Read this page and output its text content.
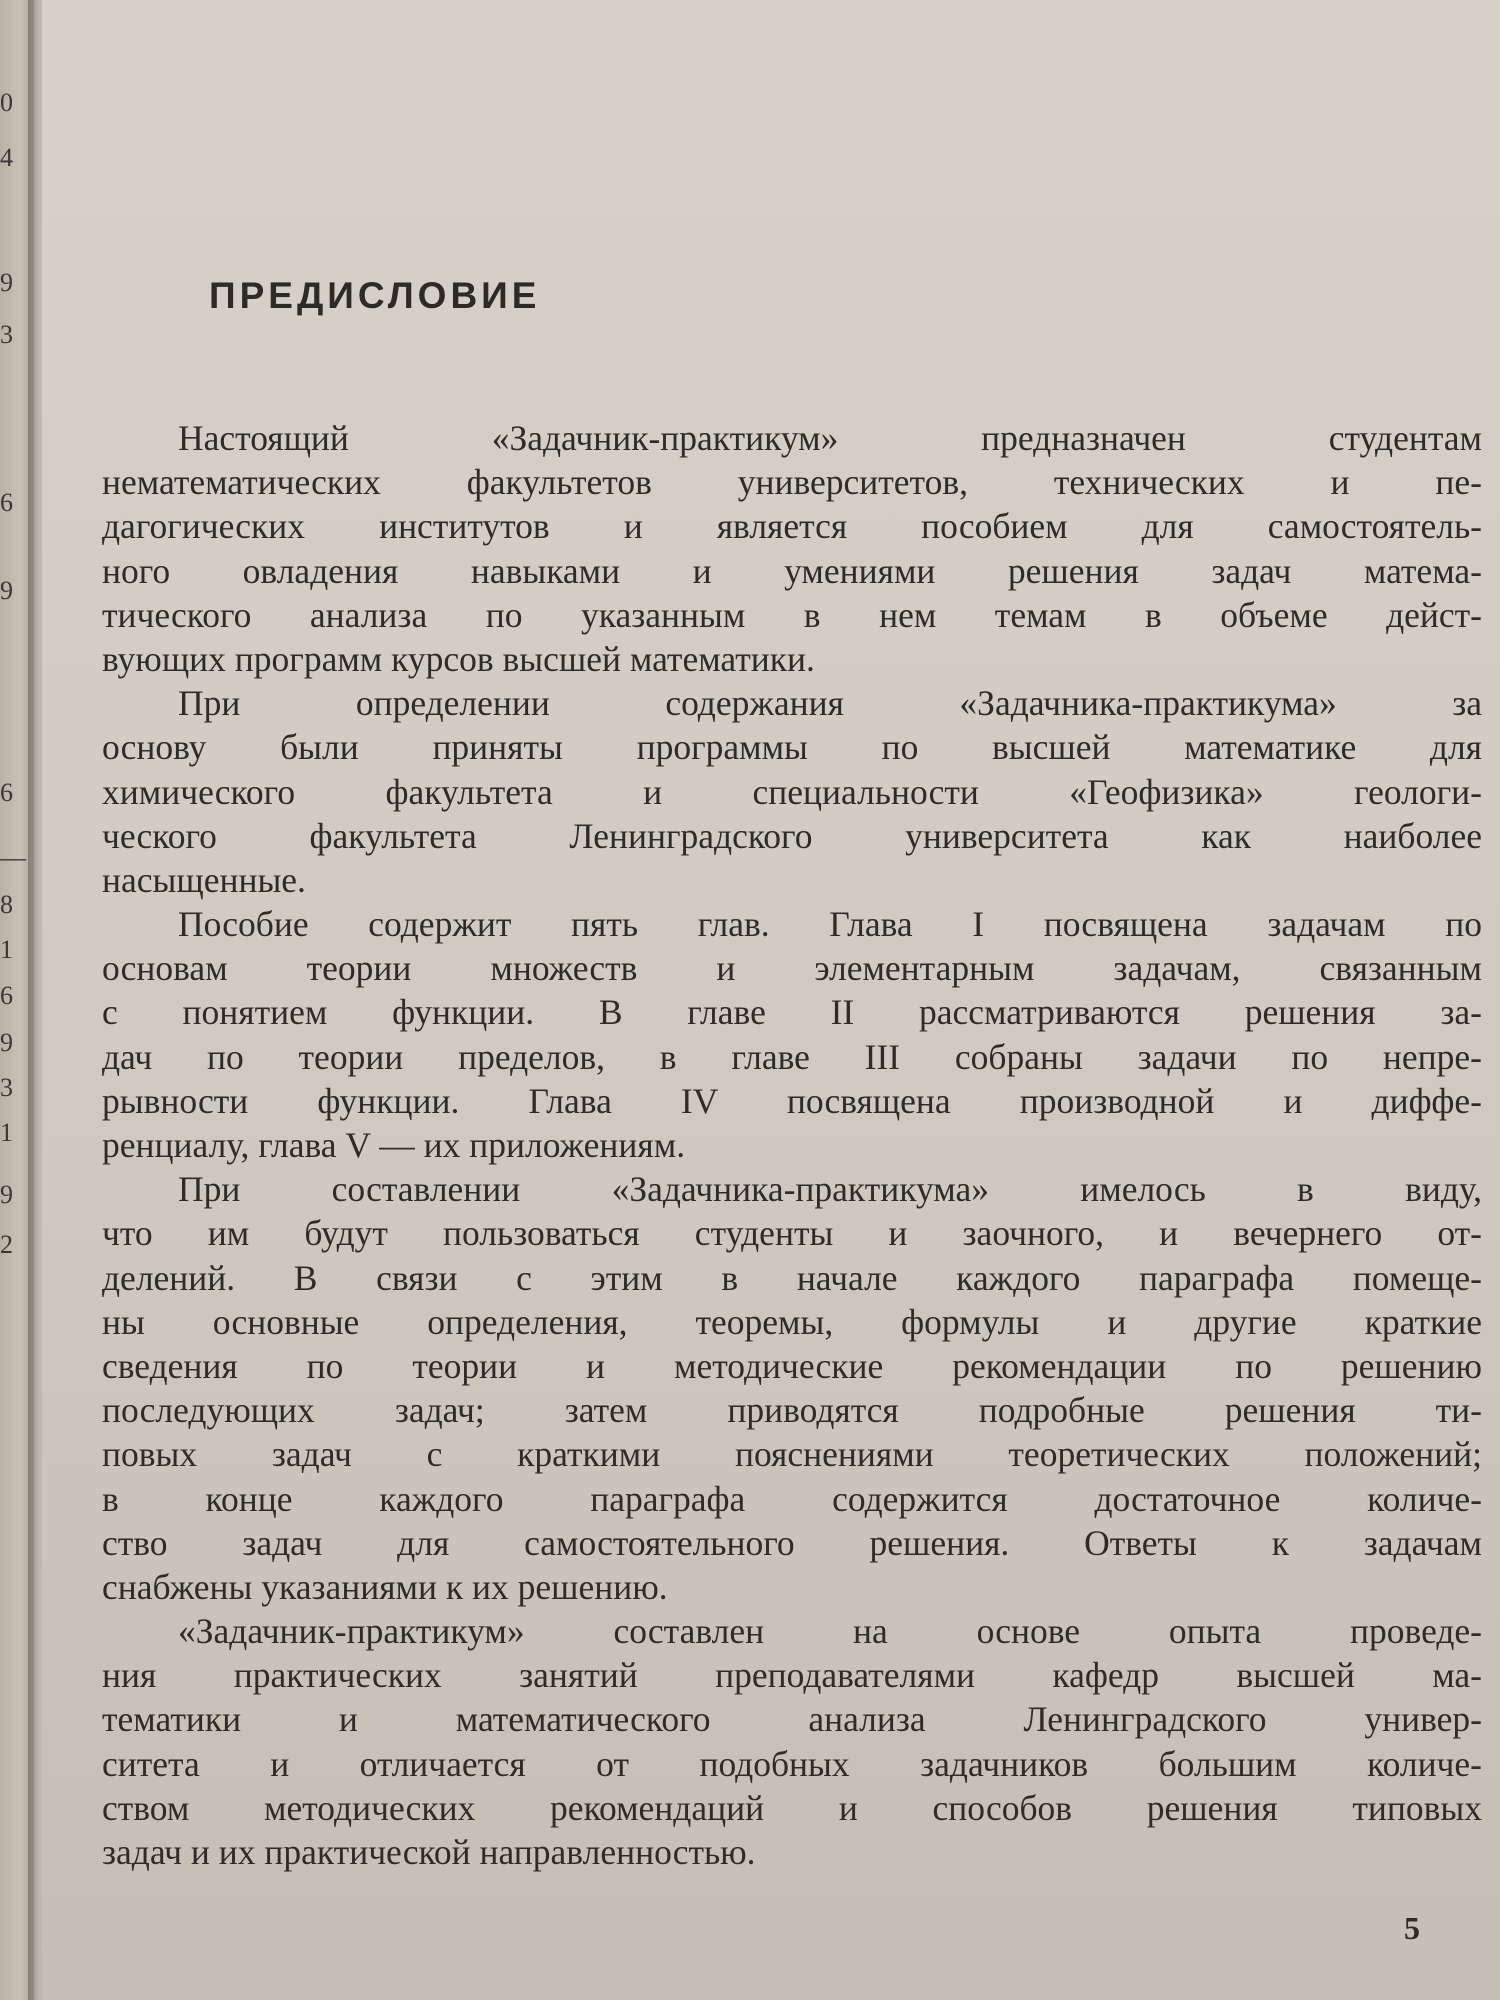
0
4
9
3
6
9
6
—
8
1
6
9
3
1
9
2
ПРЕДИСЛОВИЕ

Настоящий «Задачник-практикум» предназначен студентам
нематематических факультетов университетов, технических и пе-
дагогических институтов и является пособием для самостоятель-
ного овладения навыками и умениями решения задач матема-
тического анализа по указанным в нем темам в объеме дейст-
вующих программ курсов высшей математики.

При определении содержания «Задачника-практикума» за
основу были приняты программы по высшей математике для
химического факультета и специальности «Геофизика» геологи-
ческого факультета Ленинградского университета как наиболее
насыщенные.

Пособие содержит пять глав. Глава I посвящена задачам по
основам теории множеств и элементарным задачам, связанным
с понятием функции. В главе II рассматриваются решения за-
дач по теории пределов, в главе III собраны задачи по непре-
рывности функции. Глава IV посвящена производной и диффе-
ренциалу, глава V — их приложениям.

При составлении «Задачника-практикума» имелось в виду,
что им будут пользоваться студенты и заочного, и вечернего от-
делений. В связи с этим в начале каждого параграфа помеще-
ны основные определения, теоремы, формулы и другие краткие
сведения по теории и методические рекомендации по решению
последующих задач; затем приводятся подробные решения ти-
повых задач с краткими пояснениями теоретических положений;
в конце каждого параграфа содержится достаточное количе-
ство задач для самостоятельного решения. Ответы к задачам
снабжены указаниями к их решению.

«Задачник-практикум» составлен на основе опыта проведе-
ния практических занятий преподавателями кафедр высшей ма-
тематики и математического анализа Ленинградского универ-
ситета и отличается от подобных задачников большим количе-
ством методических рекомендаций и способов решения типовых
задач и их практической направленностью.

5
